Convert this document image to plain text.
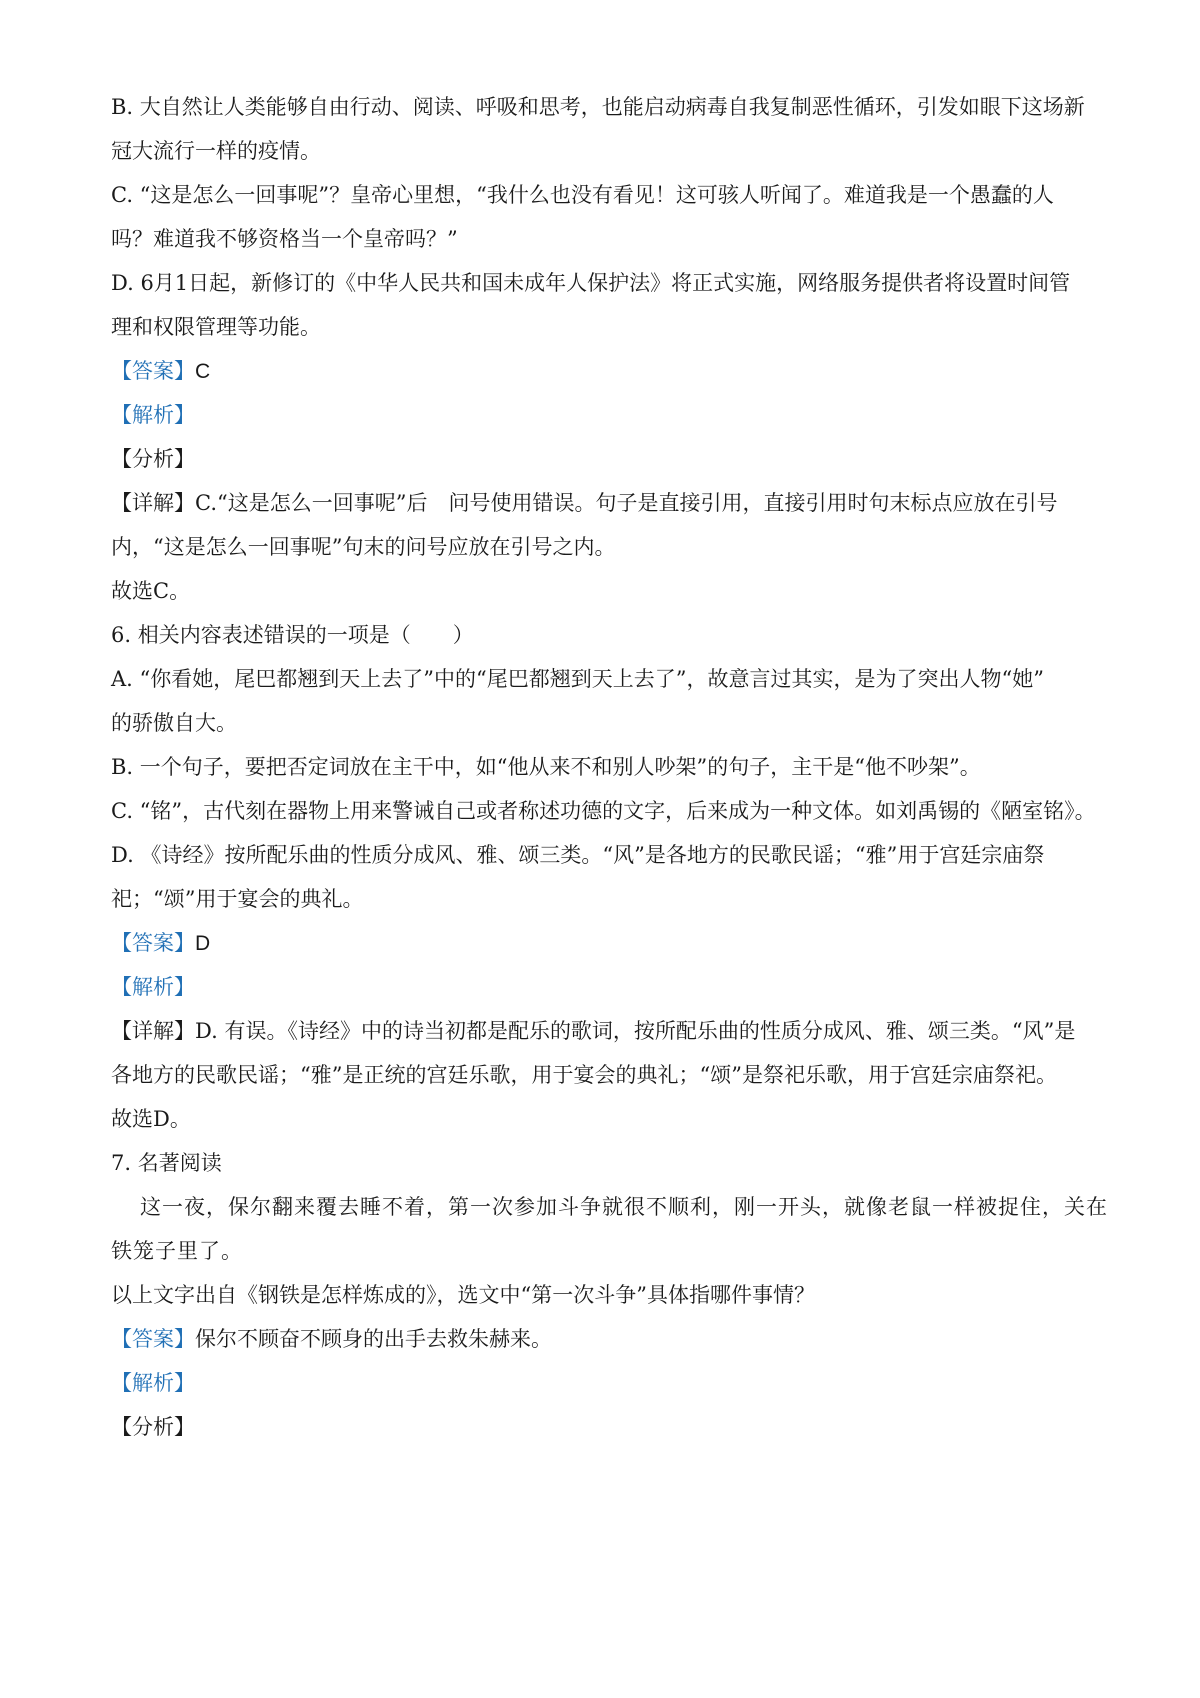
B. 大自然让人类能够自由行动、阅读、呼吸和思考，也能启动病毒自我复制恶性循环，引发如眼下这场新
冠大流行一样的疫情。
C. “这是怎么一回事呢”？皇帝心里想，“我什么也没有看见！这可骇人听闻了。难道我是一个愚蠢的人
吗？难道我不够资格当一个皇帝吗？”
D. 6月1日起，新修订的《中华人民共和国未成年人保护法》将正式实施，网络服务提供者将设置时间管
理和权限管理等功能。
【答案】C
【解析】
【分析】
【详解】C.“这是怎么一回事呢”后　问号使用错误。句子是直接引用，直接引用时句末标点应放在引号
内，“这是怎么一回事呢”句末的问号应放在引号之内。
故选C。
6. 相关内容表述错误的一项是（　　）
A. “你看她，尾巴都翘到天上去了”中的“尾巴都翘到天上去了”，故意言过其实，是为了突出人物“她”
的骄傲自大。
B. 一个句子，要把否定词放在主干中，如“他从来不和别人吵架”的句子，主干是“他不吵架”。
C. “铭”，古代刻在器物上用来警诫自己或者称述功德的文字，后来成为一种文体。如刘禹锡的《陋室铭》。
D. 《诗经》按所配乐曲的性质分成风、雅、颂三类。“风”是各地方的民歌民谣；“雅”用于宫廷宗庙祭
祀；“颂”用于宴会的典礼。
【答案】D
【解析】
【详解】D. 有误。《诗经》中的诗当初都是配乐的歌词，按所配乐曲的性质分成风、雅、颂三类。“风”是
各地方的民歌民谣；“雅”是正统的宫廷乐歌，用于宴会的典礼；“颂”是祭祀乐歌，用于宫廷宗庙祭祀。
故选D。
7. 名著阅读
这一夜，保尔翻来覆去睡不着，第一次参加斗争就很不顺利，刚一开头，就像老鼠一样被捉住，关在
铁笼子里了。
以上文字出自《钢铁是怎样炼成的》，选文中“第一次斗争”具体指哪件事情？
【答案】保尔不顾奋不顾身的出手去救朱赫来。
【解析】
【分析】
